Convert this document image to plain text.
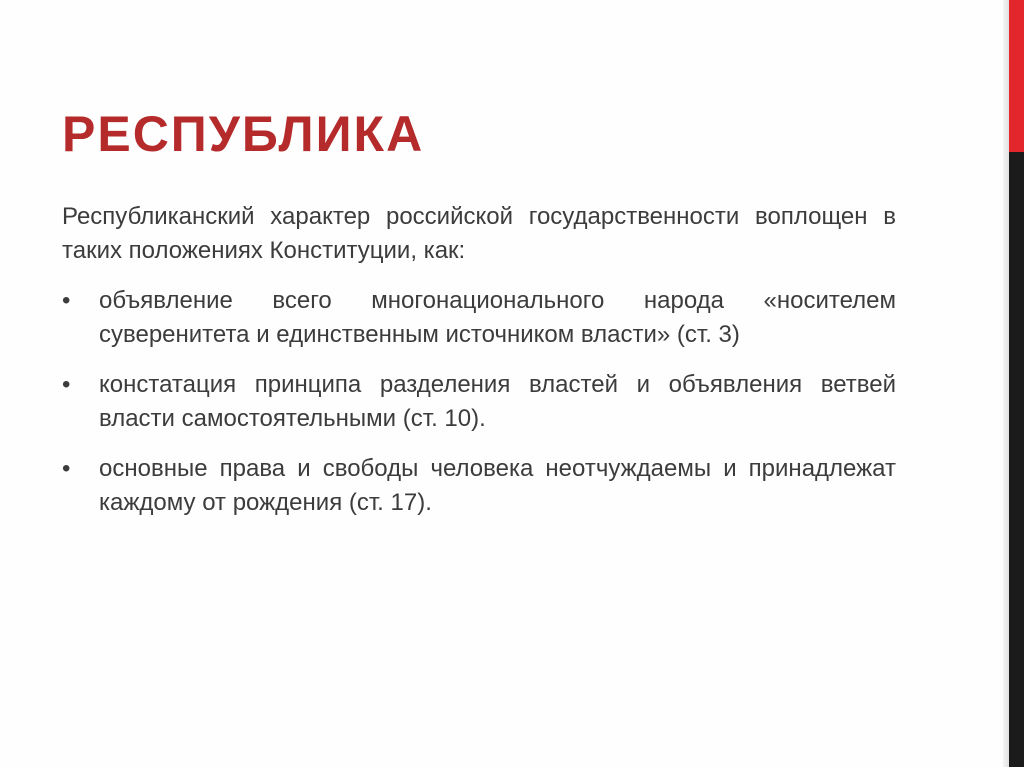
РЕСПУБЛИКА

Республиканский характер российской государственности воплощен в таких положениях Конституции, как:

•	объявление всего многонационального народа «носителем суверенитета и единственным источником власти» (ст. 3)
•	констатация принципа разделения властей и объявления ветвей власти самостоятельными (ст. 10).
•	основные права и свободы человека неотчуждаемы и принадлежат каждому от рождения (ст. 17).
